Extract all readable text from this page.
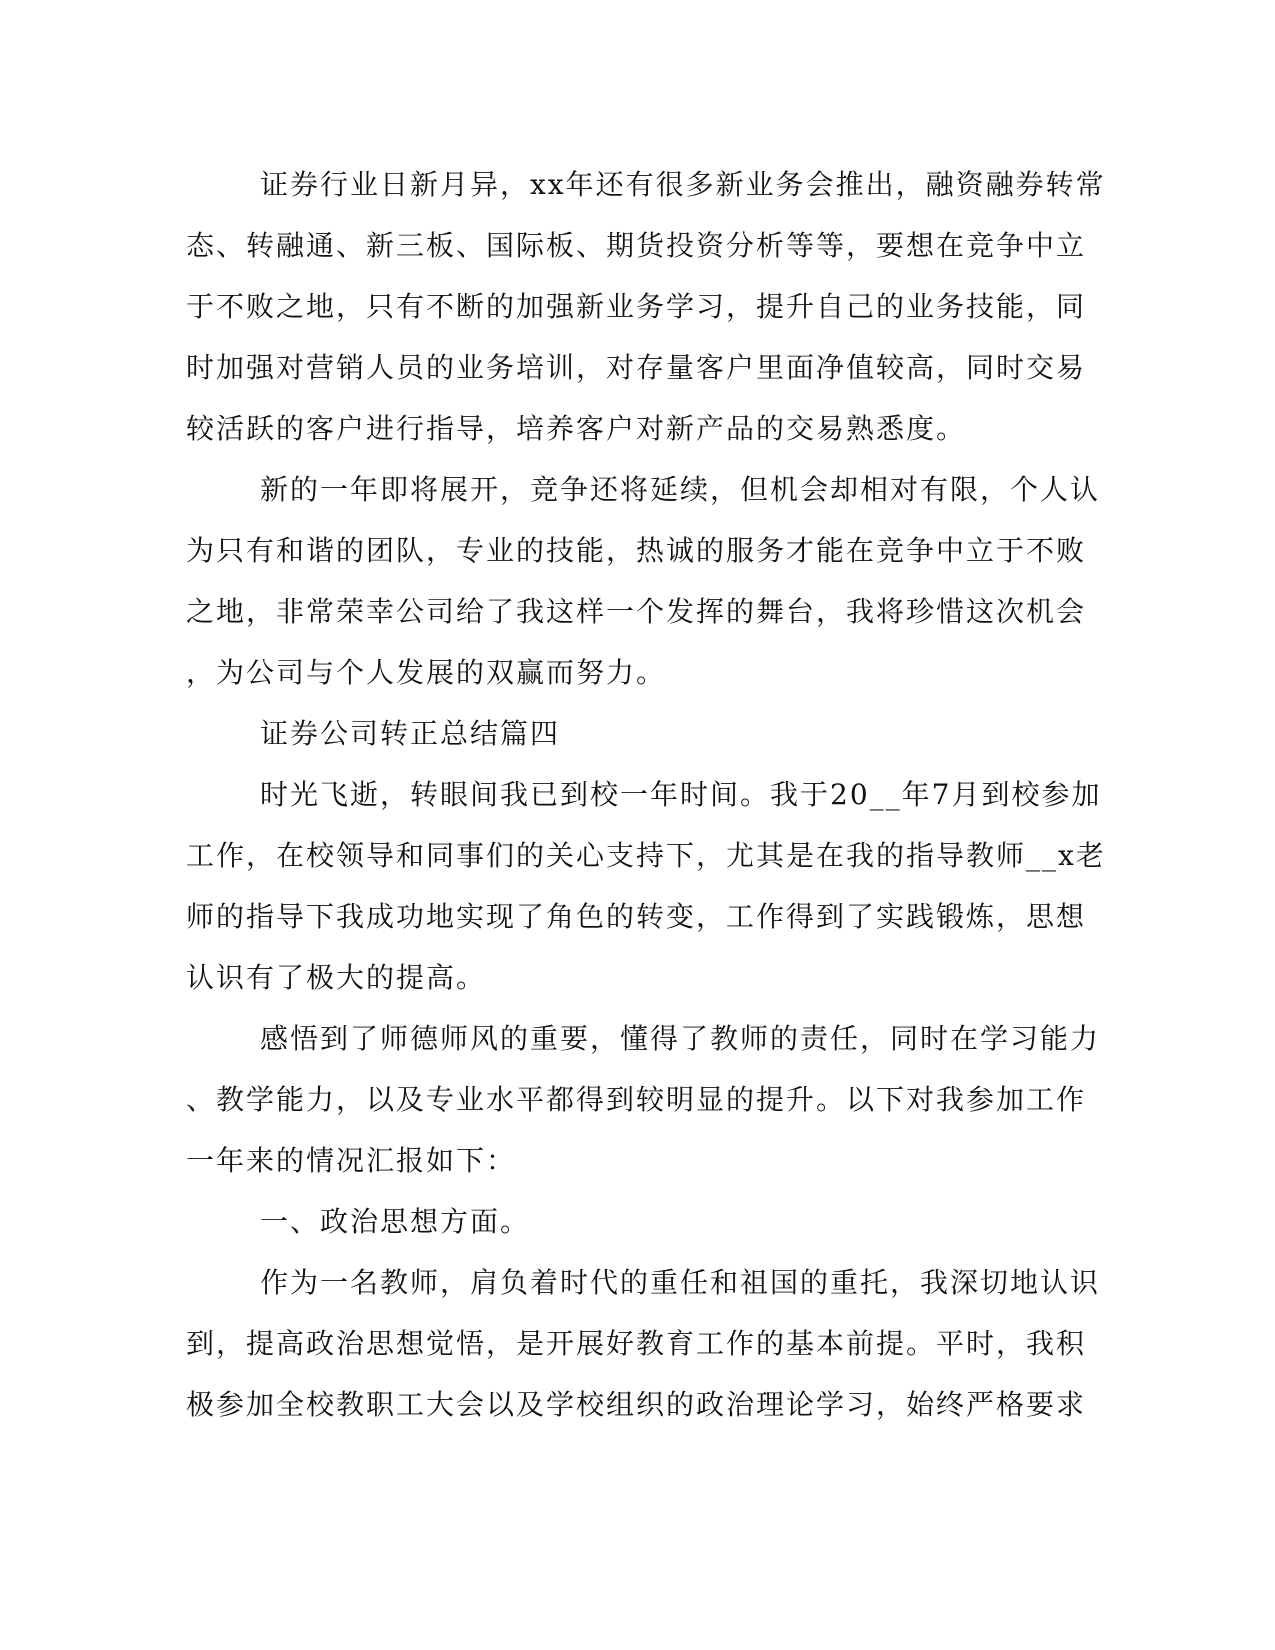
证券行业日新月异，xx年还有很多新业务会推出，融资融券转常
态、转融通、新三板、国际板、期货投资分析等等，要想在竞争中立
于不败之地，只有不断的加强新业务学习，提升自己的业务技能，同
时加强对营销人员的业务培训，对存量客户里面净值较高，同时交易
较活跃的客户进行指导，培养客户对新产品的交易熟悉度。
新的一年即将展开，竞争还将延续，但机会却相对有限，个人认
为只有和谐的团队，专业的技能，热诚的服务才能在竞争中立于不败
之地，非常荣幸公司给了我这样一个发挥的舞台，我将珍惜这次机会
，为公司与个人发展的双赢而努力。
证券公司转正总结篇四
时光飞逝，转眼间我已到校一年时间。我于20__年7月到校参加
工作，在校领导和同事们的关心支持下，尤其是在我的指导教师__x老
师的指导下我成功地实现了角色的转变，工作得到了实践锻炼，思想
认识有了极大的提高。
感悟到了师德师风的重要，懂得了教师的责任，同时在学习能力
、教学能力，以及专业水平都得到较明显的提升。以下对我参加工作
一年来的情况汇报如下：
一、政治思想方面。
作为一名教师，肩负着时代的重任和祖国的重托，我深切地认识
到，提高政治思想觉悟，是开展好教育工作的基本前提。平时，我积
极参加全校教职工大会以及学校组织的政治理论学习，始终严格要求
